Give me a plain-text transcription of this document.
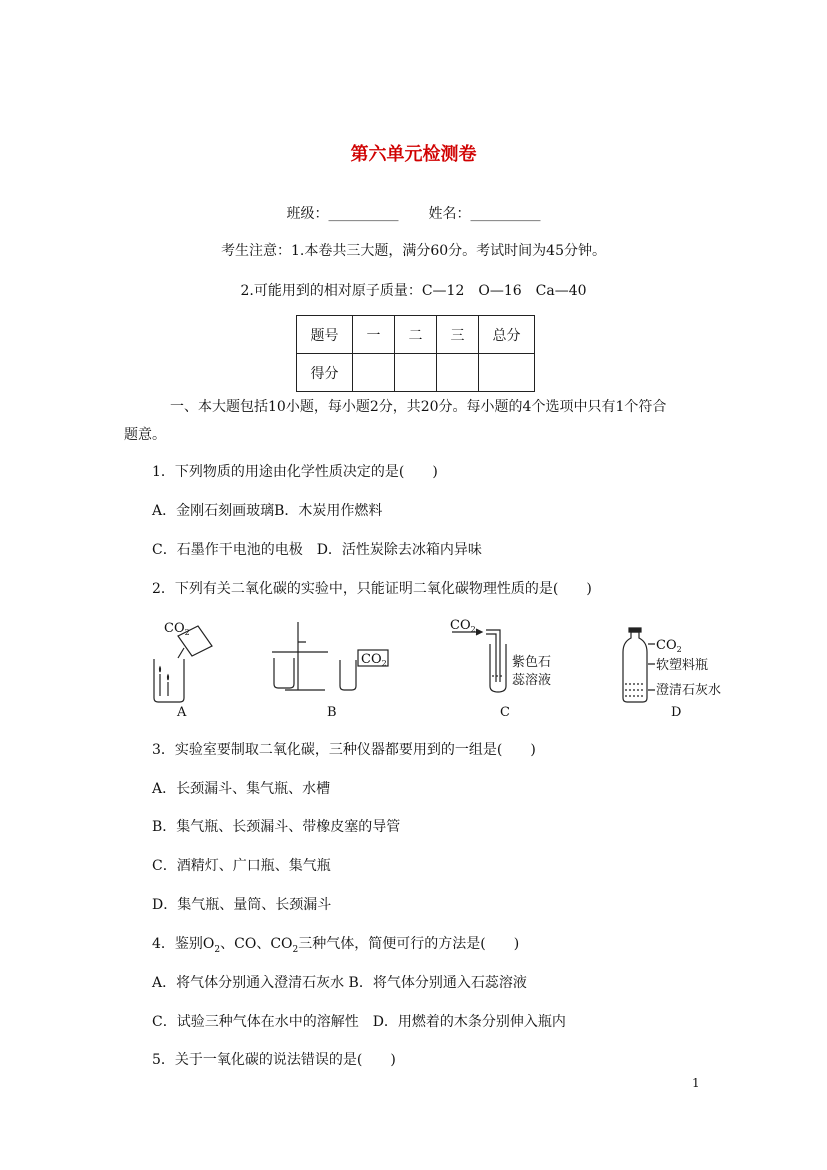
第六单元检测卷
班级：__________ 姓名：__________
考生注意：1.本卷共三大题，满分60分。考试时间为45分钟。
2.可能用到的相对原子质量：C—12　O—16　Ca—40
题号	一	二	三	总分
得分				
一、本大题包括10小题，每小题2分，共20分。每小题的4个选项中只有1个符合
题意。
1．下列物质的用途由化学性质决定的是(　　)
A．金刚石刻画玻璃B．木炭用作燃料
C．石墨作干电池的电极　D．活性炭除去冰箱内异味
2．下列有关二氧化碳的实验中，只能证明二氧化碳物理性质的是(　　)
$CO_2$
$CO_2$
$CO_2$
$CO_2$
紫色石
蕊溶液
软塑料瓶
澄清石灰水
A	B	C	D
3．实验室要制取二氧化碳，三种仪器都要用到的一组是(　　)
A．长颈漏斗、集气瓶、水槽
B．集气瓶、长颈漏斗、带橡皮塞的导管
C．酒精灯、广口瓶、集气瓶
D．集气瓶、量筒、长颈漏斗
4．鉴别$O_2$、CO、$CO_2$三种气体，简便可行的方法是(　　)
A．将气体分别通入澄清石灰水 B．将气体分别通入石蕊溶液
C．试验三种气体在水中的溶解性　D．用燃着的木条分别伸入瓶内
5．关于一氧化碳的说法错误的是(　　)
1
